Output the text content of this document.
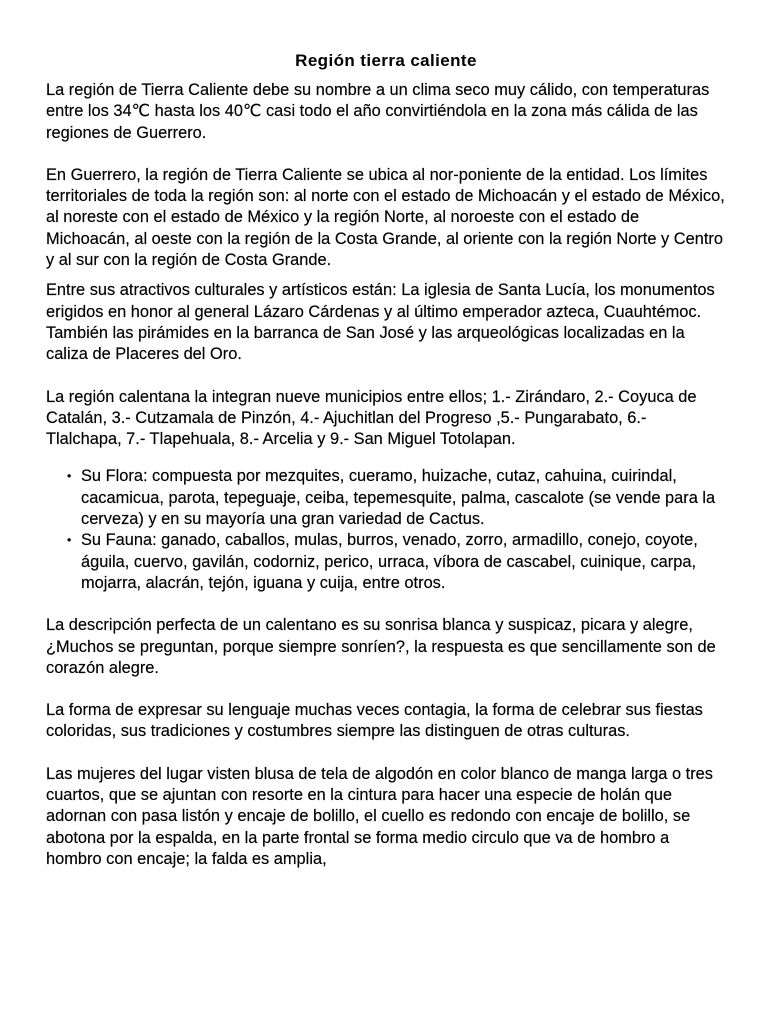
Región tierra caliente

La región de Tierra Caliente debe su nombre a un clima seco muy cálido, con temperaturas entre los 34℃ hasta los 40℃ casi todo el año convirtiéndola en la zona más cálida de las regiones de Guerrero.

En Guerrero, la región de Tierra Caliente se ubica al nor-poniente de la entidad. Los límites territoriales de toda la región son: al norte con el estado de Michoacán y el estado de México, al noreste con el estado de México y la región Norte, al noroeste con el estado de Michoacán, al oeste con la región de la Costa Grande, al oriente con la región Norte y Centro y al sur con la región de Costa Grande.

Entre sus atractivos culturales y artísticos están: La iglesia de Santa Lucía, los monumentos erigidos en honor al general Lázaro Cárdenas y al último emperador azteca, Cuauhtémoc. También las pirámides en la barranca de San José y las arqueológicas localizadas en la caliza de Placeres del Oro.

La región calentana la integran nueve municipios entre ellos; 1.- Zirándaro, 2.- Coyuca de Catalán, 3.- Cutzamala de Pinzón, 4.- Ajuchitlan del Progreso ,5.- Pungarabato, 6.- Tlalchapa, 7.- Tlapehuala, 8.- Arcelia y 9.- San Miguel Totolapan.

• Su Flora: compuesta por mezquites, cueramo, huizache, cutaz, cahuina, cuirindal, cacamicua, parota, tepeguaje, ceiba, tepemesquite, palma, cascalote (se vende para la cerveza) y en su mayoría una gran variedad de Cactus.
• Su Fauna: ganado, caballos, mulas, burros, venado, zorro, armadillo, conejo, coyote, águila, cuervo, gavilán, codorniz, perico, urraca, víbora de cascabel, cuinique, carpa, mojarra, alacrán, tejón, iguana y cuija, entre otros.

La descripción perfecta de un calentano es su sonrisa blanca y suspicaz, picara y alegre, ¿Muchos se preguntan, porque siempre sonríen?, la respuesta es que sencillamente son de corazón alegre.

La forma de expresar su lenguaje muchas veces contagia, la forma de celebrar sus fiestas coloridas, sus tradiciones y costumbres siempre las distinguen de otras culturas.

Las mujeres del lugar visten blusa de tela de algodón en color blanco de manga larga o tres cuartos, que se ajuntan con resorte en la cintura para hacer una especie de holán que adornan con pasa listón y encaje de bolillo, el cuello es redondo con encaje de bolillo, se abotona por la espalda, en la parte frontal se forma medio circulo que va de hombro a hombro con encaje; la falda es amplia,
